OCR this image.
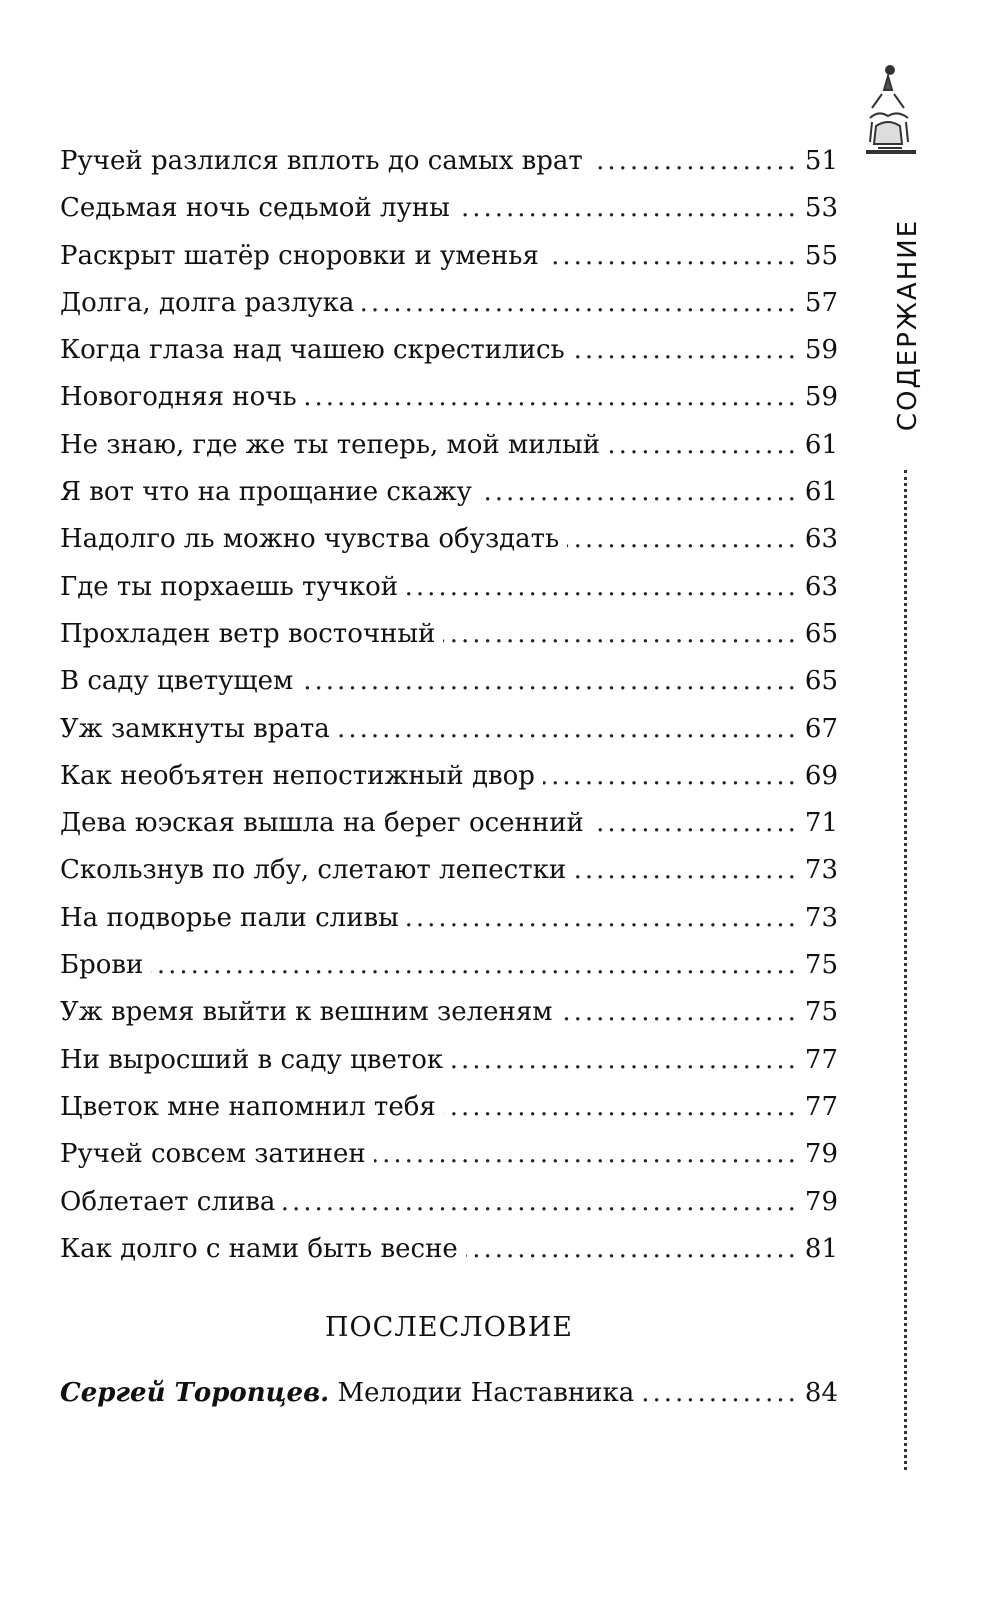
СОДЕРЖАНИЕ
Ручей разлился вплоть до самых врат .....	51
Седьмая ночь седьмой луны .....	53
Раскрыт шатёр сноровки и уменья .....	55
Долга, долга разлука .....	57
Когда глаза над чашею скрестились .....	59
Новогодняя ночь .....	59
Не знаю, где же ты теперь, мой милый .....	61
Я вот что на прощание скажу .....	61
Надолго ль можно чувства обуздать .....	63
Где ты порхаешь тучкой .....	63
Прохладен ветр восточный .....	65
В саду цветущем .....	65
Уж замкнуты врата .....	67
Как необъятен непостижный двор .....	69
Дева юэская вышла на берег осенний .....	71
Скользнув по лбу, слетают лепестки .....	73
На подворье пали сливы .....	73
Брови .....	75
Уж время выйти к вешним зеленям .....	75
Ни выросший в саду цветок .....	77
Цветок мне напомнил тебя .....	77
Ручей совсем затинен .....	79
Облетает слива .....	79
Как долго с нами быть весне .....	81
ПОСЛЕСЛОВИЕ
Сергей Торопцев. Мелодии Наставника .....	84
